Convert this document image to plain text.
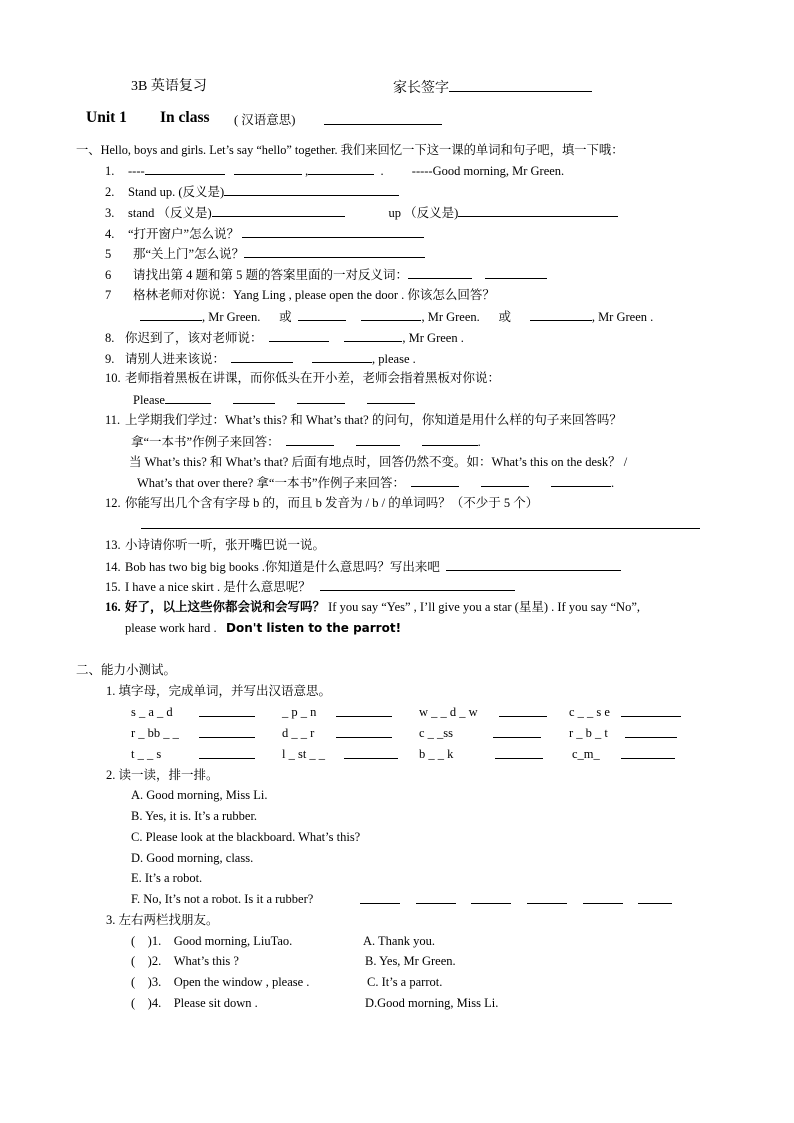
3B 英语复习	家长签字
Unit 1 In class ( 汉语意思)
一、Hello, boys and girls. Let’s say “hello” together. 我们来回忆一下这一课的单词和句子吧，填一下哦：
1. ----	,	. -----Good morning, Mr Green.
2. Stand up. (反义是)
3. stand （反义是)	up （反义是)
4. “打开窗户”怎么说？
5 那“关上门”怎么说？
6 请找出第 4 题和第 5 题的答案里面的一对反义词：
7 格林老师对你说：Yang Ling , please open the door . 你该怎么回答？
, Mr Green. 或	, Mr Green. 或	, Mr Green .
8. 你迟到了，该对老师说：	, Mr Green .
9. 请别人进来该说：	, please .
10. 老师指着黑板在讲课，而你低头在开小差，老师会指着黑板对你说：
Please
11. 上学期我们学过：What’s this? 和 What’s that? 的问句，你知道是用什么样的句子来回答吗？
拿“一本书”作例子来回答：	.
当 What’s this? 和 What’s that? 后面有地点时，回答仍然不变。如：What’s this on the desk？ /
What’s that over there? 拿“一本书”作例子来回答：	.
12. 你能写出几个含有字母 b 的，而且 b 发音为 / b / 的单词吗？（不少于 5 个）
13. 小诗请你听一听，张开嘴巴说一说。
14. Bob has two big big books .你知道是什么意思吗？写出来吧
15. I have a nice skirt . 是什么意思呢？
16. 好了，以上这些你都会说和会写吗？ If you say “Yes” , I’ll give you a star (星星) . If you say “No”,
please work hard . Don't listen to the parrot!
二、能力小测试。
1. 填字母，完成单词，并写出汉语意思。
s _ a _ d	_ p _ n	w _ _ d _ w	c _ _ s e
r _ bb _ _	d _ _ r	c _ _ss	r _ b _ t
t _ _ s	l _ st _ _	b _ _ k	c_m_
2. 读一读，排一排。
A. Good morning, Miss Li.
B. Yes, it is. It’s a rubber.
C. Please look at the blackboard. What’s this?
D. Good morning, class.
E. It’s a robot.
F. No, It’s not a robot. Is it a rubber?

3. 左右两栏找朋友。
(　)1.　Good morning, LiuTao.
(　)2.　What’s this ?
(　)3.　Open the window , please .
(　)4.　Please sit down .
A. Thank you.
B. Yes, Mr Green.
C. It’s a parrot.
D.Good morning, Miss Li.
